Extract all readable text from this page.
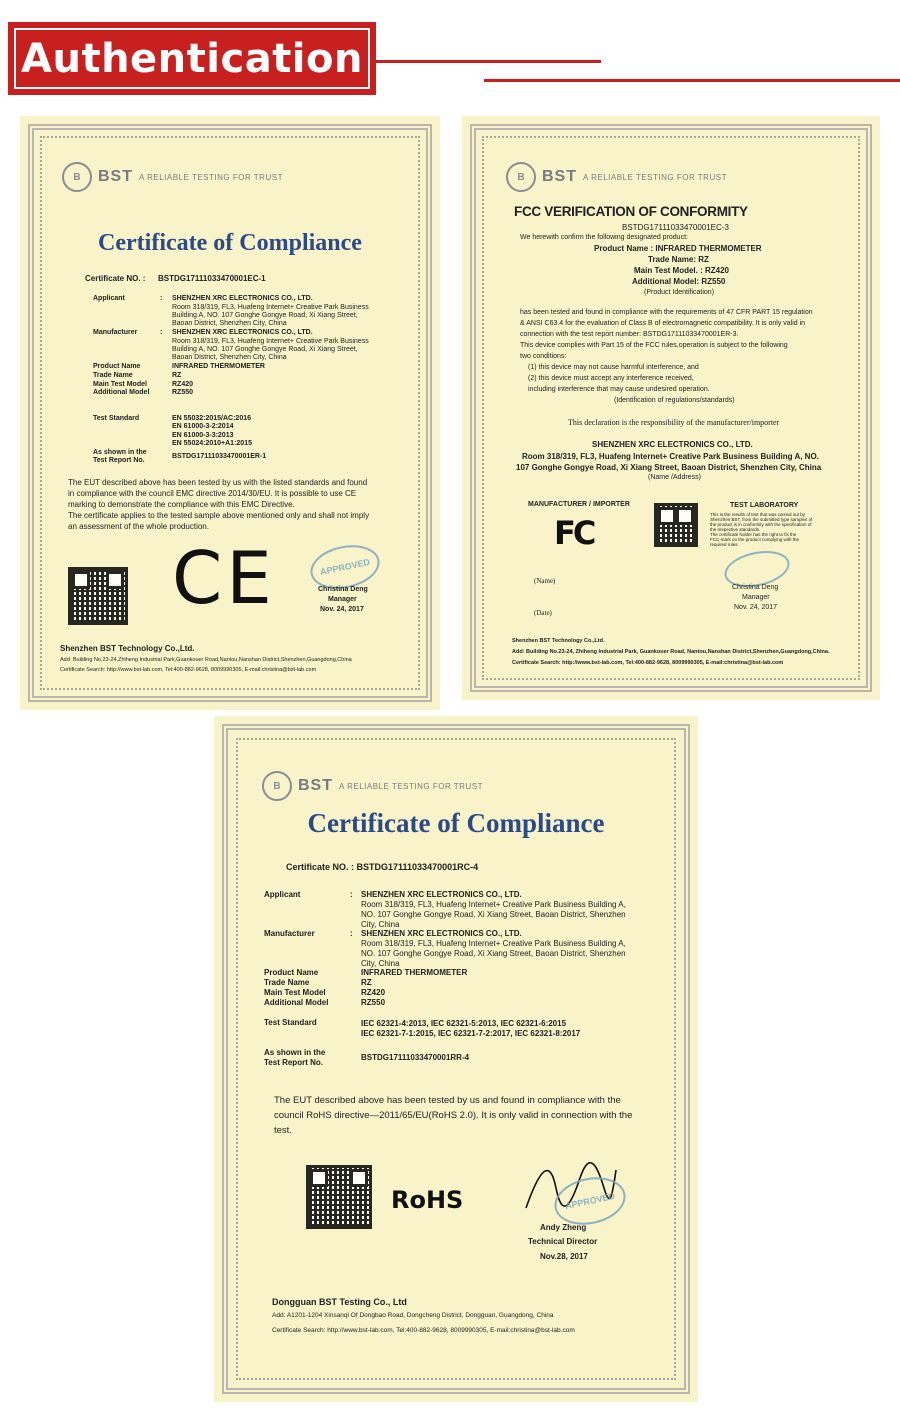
Authentication
B	BST A RELIABLE TESTING FOR TRUST
Certificate of Compliance
Certificate NO. : BSTDG17111033470001EC-1
Applicant	: SHENZHEN XRC ELECTRONICS CO., LTD.
Room 318/319, FL3, Huafeng Internet+ Creative Park Business
Building A, NO. 107 Gonghe Gongye Road, Xi Xiang Street,
Baoan District, Shenzhen City, China
Manufacturer	: SHENZHEN XRC ELECTRONICS CO., LTD.
Room 318/319, FL3, Huafeng Internet+ Creative Park Business
Building A, NO. 107 Gonghe Gongye Road, Xi Xiang Street,
Baoan District, Shenzhen City, China
Product Name	INFRARED THERMOMETER
Trade Name	RZ
Main Test Model	RZ420
Additional Model	RZ550
Test Standard	EN 55032:2015/AC:2016
EN 61000-3-2:2014
EN 61000-3-3:2013
EN 55024:2010+A1:2015
As shown in the
Test Report No.
BSTDG17111033470001ER-1
The EUT described above has been tested by us with the listed standards and found
in compliance with the council EMC directive 2014/30/EU. It is possible to use CE
marking to demonstrate the compliance with this EMC Directive.
The certificate applies to the tested sample above mentioned only and shall not imply
an assessment of the whole production.
CE	APPROVED
Christina Deng
Manager
Nov. 24, 2017
Shenzhen BST Technology Co.,Ltd.
Add: Building No.23-24,Zhiheng Industrial Park,Guankouer Road,Nantou,Nanshan District,Shenzhen,Guangdong,China
Certificate Search: http://www.bst-lab.com, Tel:400-882-9628, 8009990305, E-mail:christina@bst-lab.com
B	BST A RELIABLE TESTING FOR TRUST
FCC VERIFICATION OF CONFORMITY
BSTDG17111033470001EC-3
We herewith confirm the following designated product:
Product Name : INFRARED THERMOMETER
Trade Name: RZ
Main Test Model. : RZ420
Additional Model: RZ550
(Product Identification)
has been tested and found in compliance with the requirements of 47 CFR PART 15 regulation
& ANSI C63.4 for the evaluation of Class B of electromagnetic compatibility. It is only valid in
connection with the test report number: BSTDG17111033470001ER-3.
This device complies with Part 15 of the FCC rules,operation is subject to the following
two conditions:
(1) this device may not cause harmful interference, and
(2) this device must accept any interference received,
including interference that may cause undesired operation.
(Identification of regulations/standards)
This declaration is the responsibility of the manufacturer/importer
SHENZHEN XRC ELECTRONICS CO., LTD.
Room 318/319, FL3, Huafeng Internet+ Creative Park Business Building A, NO.
107 Gonghe Gongye Road, Xi Xiang Street, Baoan District, Shenzhen City, China
(Name /Address)
MANUFACTURER / IMPORTER
FC
TEST LABORATORY
This is the results of test that was carried out by
Shenzhen BST, from the submitted type samples of
the product is in conformity with the specification of
the respective standards.
The certificate holder has the right to fix the
FCC-mark on the product complying with the
required rules.
(Name)
(Date)
Christina Deng
Manager
Nov. 24, 2017
Shenzhen BST Technology Co.,Ltd.
Add: Building No.23-24, Zhiheng Industrial Park, Guankouer Road, Nantou,Nanshan District,Shenzhen,Guangdong,China.
Certificate Search: http://www.bst-lab.com, Tel:400-882-9628, 8009990305, E-mail:christina@bst-lab.com
B	BST A RELIABLE TESTING FOR TRUST
Certificate of Compliance
Certificate NO. : BSTDG17111033470001RC-4
Applicant	: SHENZHEN XRC ELECTRONICS CO., LTD.
Room 318/319, FL3, Huafeng Internet+ Creative Park Business Building A,
NO. 107 Gonghe Gongye Road, Xi Xiang Street, Baoan District, Shenzhen
City, China
Manufacturer	: SHENZHEN XRC ELECTRONICS CO., LTD.
Room 318/319, FL3, Huafeng Internet+ Creative Park Business Building A,
NO. 107 Gonghe Gongye Road, Xi Xiang Street, Baoan District, Shenzhen
City, China
Product Name	INFRARED THERMOMETER
Trade Name	RZ
Main Test Model	RZ420
Additional Model	RZ550
Test Standard	IEC 62321-4:2013, IEC 62321-5:2013, IEC 62321-6:2015
IEC 62321-7-1:2015, IEC 62321-7-2:2017, IEC 62321-8:2017
As shown in the
Test Report No.
BSTDG17111033470001RR-4
The EUT described above has been tested by us and found in compliance with the
council RoHS directive—2011/65/EU(RoHS 2.0). It is only valid in connection with the
test.
RoHS	APPROVED
Andy Zheng
Technical Director
Nov.28, 2017
Dongguan BST Testing Co., Ltd
Add: A1201-1204 Xinsanqi Of Dongbao Road, Dongcheng District, Dongguan, Guangdong, China
Certificate Search: http://www.bst-lab.com, Tel:400-882-9628, 8009990305, E-mail:christina@bst-lab.com
